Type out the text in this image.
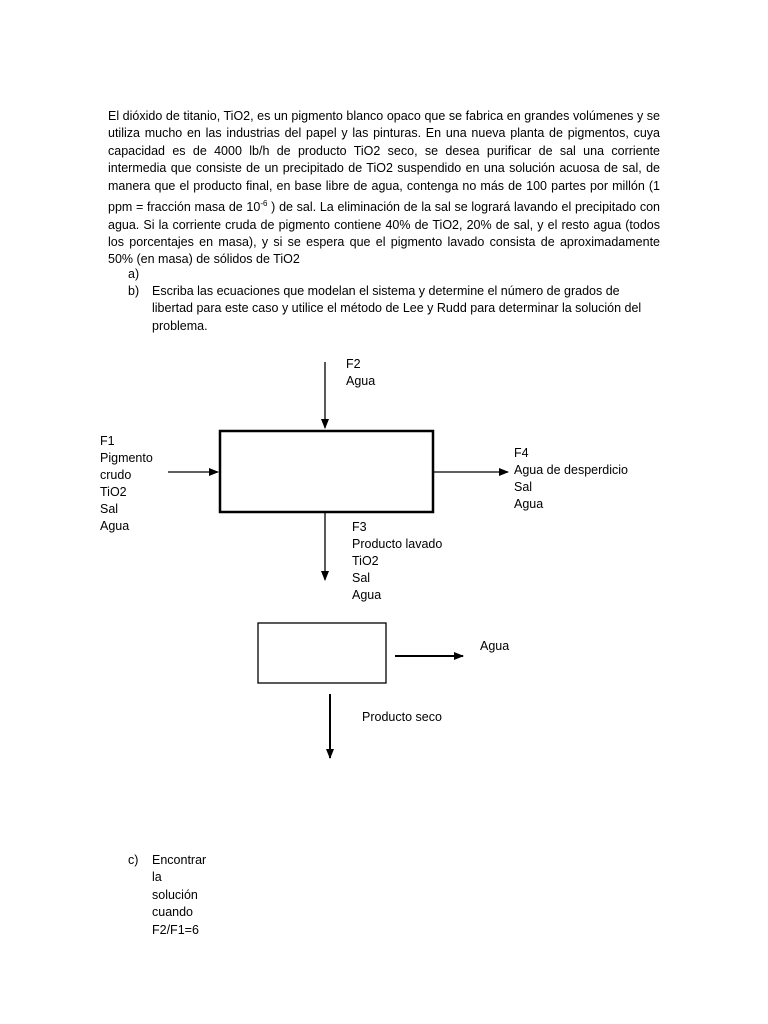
El dióxido de titanio, TiO2, es un pigmento blanco opaco que se fabrica en grandes volúmenes y se utiliza mucho en las industrias del papel y las pinturas. En una nueva planta de pigmentos, cuya capacidad es de 4000 lb/h de producto TiO2 seco, se desea purificar de sal una corriente intermedia que consiste de un precipitado de TiO2 suspendido en una solución acuosa de sal, de manera que el producto final, en base libre de agua, contenga no más de 100 partes por millón (1 ppm = fracción masa de $10^{-6}$ ) de sal. La eliminación de la sal se logrará lavando el precipitado con agua. Si la corriente cruda de pigmento contiene 40% de TiO2, 20% de sal, y el resto agua (todos los porcentajes en masa), y si se espera que el pigmento lavado consista de aproximadamente 50% (en masa) de sólidos de TiO2

a)
b)	Escriba las ecuaciones que modelan el sistema y determine el número de grados de
libertad para este caso y utilice el método de Lee y Rudd para determinar la solución del
problema.
F2
Agua
F1
Pigmento
crudo
TiO2
Sal
Agua
F4
Agua de desperdicio
Sal
Agua
F3
Producto lavado
TiO2
Sal
Agua
Agua
Producto seco
c)	Encontrar la solución cuando F2/F1=6
